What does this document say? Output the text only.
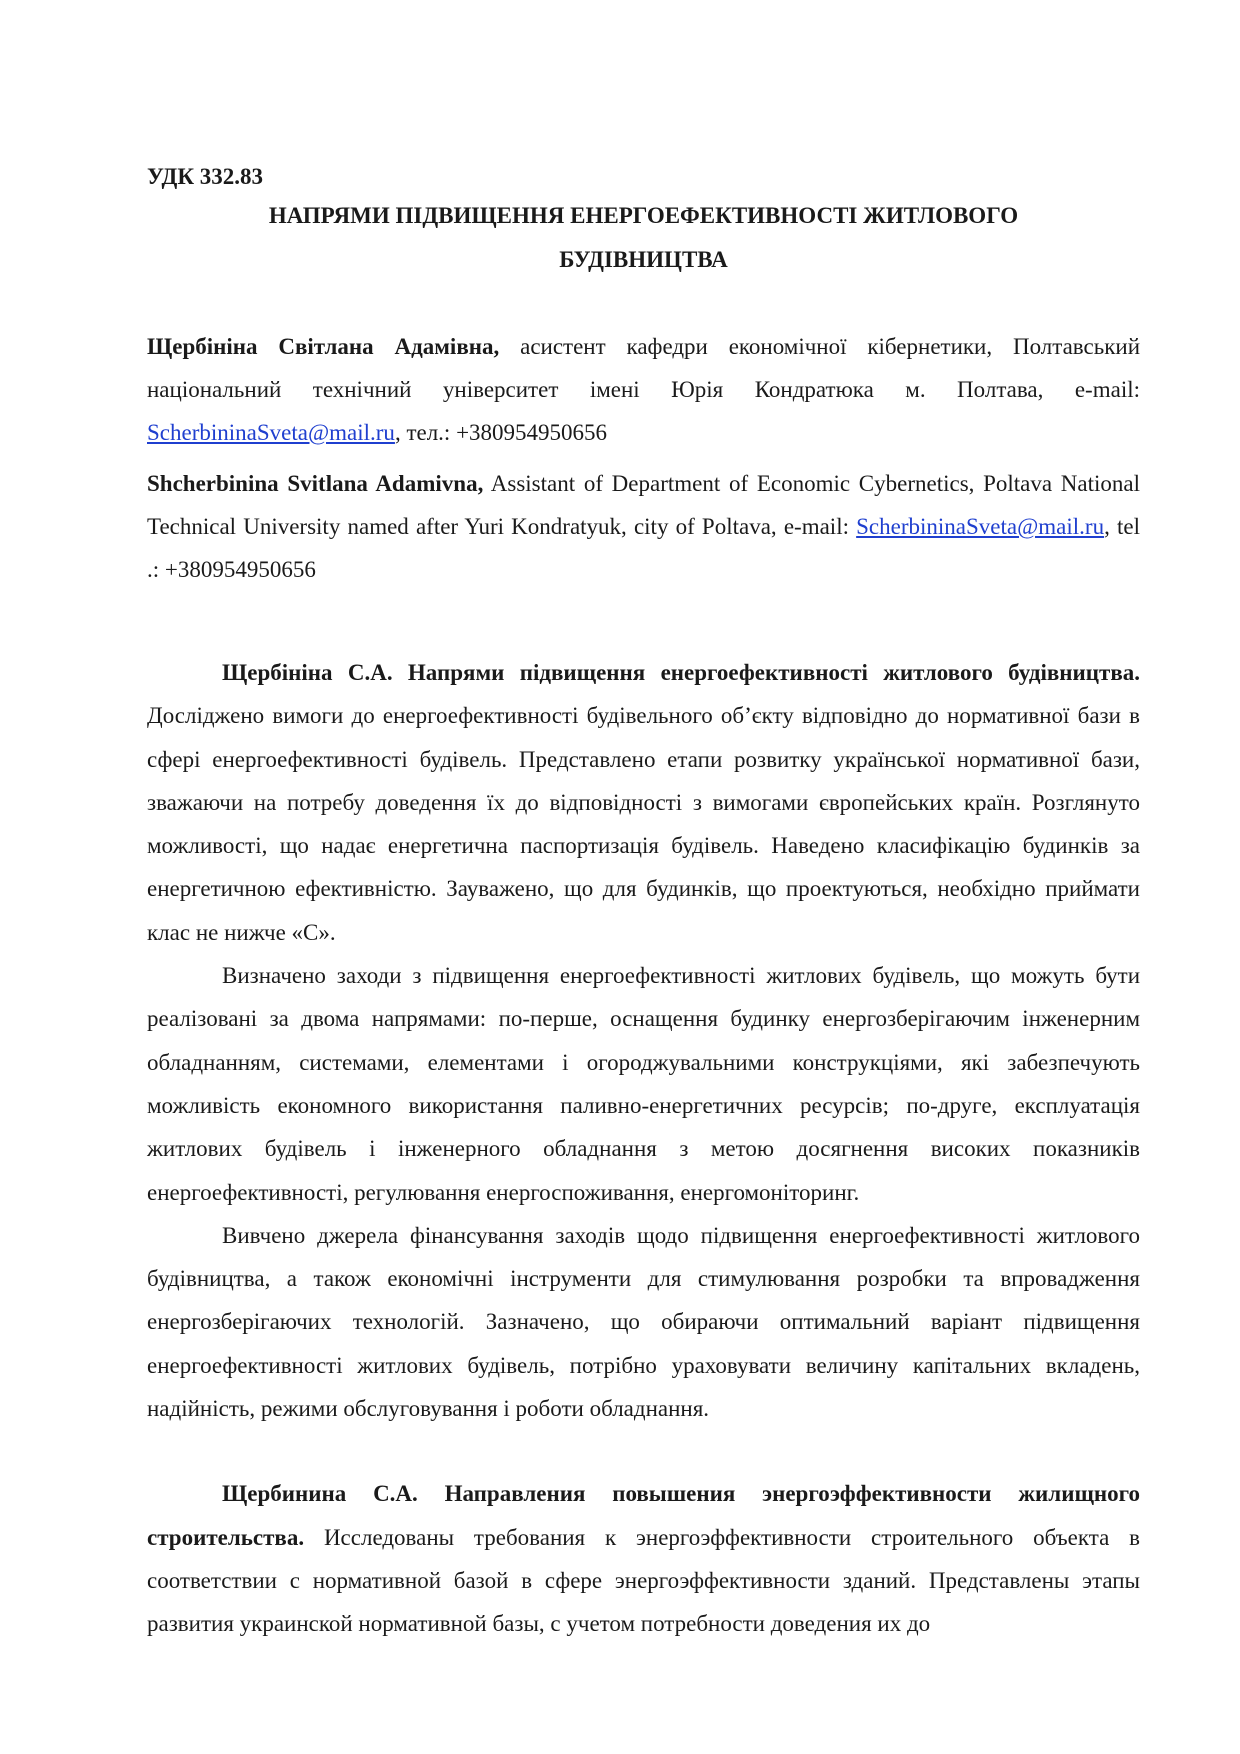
УДК 332.83

НАПРЯМИ ПІДВИЩЕННЯ ЕНЕРГОЕФЕКТИВНОСТІ ЖИТЛОВОГО

БУДІВНИЦТВА

Щербініна Світлана Адамівна, асистент кафедри економічної кібернетики, Полтавський національний технічний університет імені Юрія Кондратюка м. Полтава, e-mail: ScherbininaSveta@mail.ru, тел.: +380954950656

Shcherbinina Svitlana Adamivna, Assistant of Department of Economic Cybernetics, Poltava National Technical University named after Yuri Kondratyuk, city of Poltava, e-mail: ScherbininaSveta@mail.ru, tel .: +380954950656

Щербініна С.А. Напрями підвищення енергоефективності житлового будівництва. Досліджено вимоги до енергоефективності будівельного об’єкту відповідно до нормативної бази в сфері енергоефективності будівель. Представлено етапи розвитку української нормативної бази, зважаючи на потребу доведення їх до відповідності з вимогами європейських країн. Розглянуто можливості, що надає енергетична паспортизація будівель. Наведено класифікацію будинків за енергетичною ефективністю. Зауважено, що для будинків, що проектуються, необхідно приймати клас не нижче «С».

Визначено заходи з підвищення енергоефективності житлових будівель, що можуть бути реалізовані за двома напрямами: по-перше, оснащення будинку енергозберігаючим інженерним обладнанням, системами, елементами і огороджувальними конструкціями, які забезпечують можливість економного використання паливно-енергетичних ресурсів; по-друге, експлуатація житлових будівель і інженерного обладнання з метою досягнення високих показників енергоефективності, регулювання енергоспоживання, енергомоніторинг.

Вивчено джерела фінансування заходів щодо підвищення енергоефективності житлового будівництва, а також економічні інструменти для стимулювання розробки та впровадження енергозберігаючих технологій. Зазначено, що обираючи оптимальний варіант підвищення енергоефективності житлових будівель, потрібно ураховувати величину капітальних вкладень, надійність, режими обслуговування і роботи обладнання.

Щербинина С.А. Направления повышения энергоэффективности жилищного строительства. Исследованы требования к энергоэффективности строительного объекта в соответствии с нормативной базой в сфере энергоэффективности зданий. Представлены этапы развития украинской нормативной базы, с учетом потребности доведения их до
